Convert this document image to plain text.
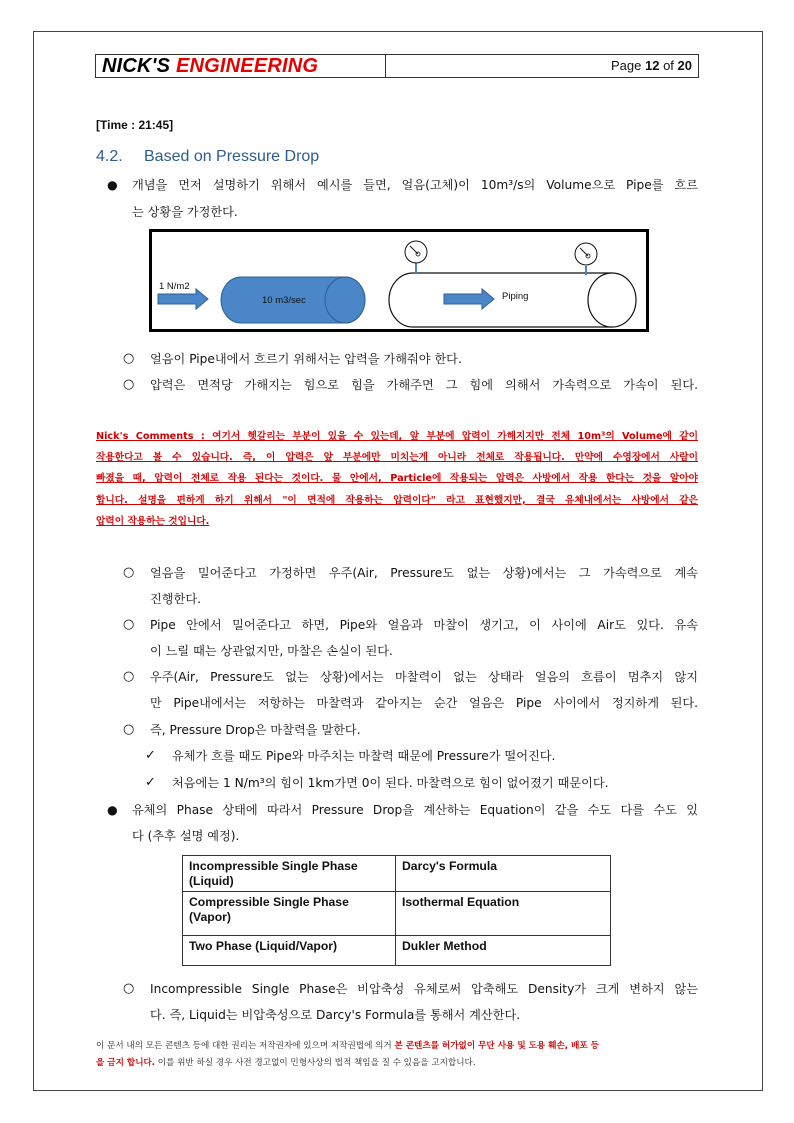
NICK'S ENGINEERING	Page 12 of 20
[Time : 21:45]
4.2. Based on Pressure Drop
● 개념을 먼저 설명하기 위해서 예시를 들면, 얼음(고체)이 10m³/s의 Volume으로 Pipe를 흐르
는 상황을 가정한다.
1 N/m2
10 m3/sec	Piping
○ 얼음이 Pipe내에서 흐르기 위해서는 압력을 가해줘야 한다.
○ 압력은 면적당 가해지는 힘으로 힘을 가해주면 그 힘에 의해서 가속력으로 가속이 된다.
Nick's Comments : 여기서 헷갈리는 부분이 있을 수 있는데, 앞 부분에 압력이 가해지지만 전체 10m³의 Volume에 같이
작용한다고 볼 수 있습니다. 즉, 이 압력은 앞 부분에만 미치는게 아니라 전체로 작용됩니다. 만약에 수영장에서 사람이
빠졌을 때, 압력이 전체로 작용 된다는 것이다. 물 안에서, Particle에 작용되는 압력은 사방에서 작용 한다는 것을 알아야
합니다. 설명을 편하게 하기 위해서 "이 면적에 작용하는 압력이다" 라고 표현했지만, 결국 유체내에서는 사방에서 같은
압력이 작용하는 것입니다.
○ 얼음을 밀어준다고 가정하면 우주(Air, Pressure도 없는 상황)에서는 그 가속력으로 계속
진행한다.
○ Pipe 안에서 밀어준다고 하면, Pipe와 얼음과 마찰이 생기고, 이 사이에 Air도 있다. 유속
이 느릴 때는 상관없지만, 마찰은 손실이 된다.
○ 우주(Air, Pressure도 없는 상황)에서는 마찰력이 없는 상태라 얼음의 흐름이 멈추지 않지
만 Pipe내에서는 저항하는 마찰력과 같아지는 순간 얼음은 Pipe 사이에서 정지하게 된다.
○ 즉, Pressure Drop은 마찰력을 말한다.
✓ 유체가 흐를 때도 Pipe와 마주치는 마찰력 때문에 Pressure가 떨어진다.
✓ 처음에는 1 N/m³의 힘이 1km가면 0이 된다. 마찰력으로 힘이 없어졌기 때문이다.
● 유체의 Phase 상태에 따라서 Pressure Drop을 계산하는 Equation이 같을 수도 다를 수도 있
다 (추후 설명 예정).
Incompressible Single Phase (Liquid)	Darcy's Formula
Compressible Single Phase (Vapor)	Isothermal Equation
Two Phase (Liquid/Vapor)	Dukler Method
○ Incompressible Single Phase은 비압축성 유체로써 압축해도 Density가 크게 변하지 않는
다. 즉, Liquid는 비압축성으로 Darcy's Formula를 통해서 계산한다.
이 문서 내의 모든 콘텐츠 등에 대한 권리는 저작권자에 있으며 저작권법에 의거 본 콘텐츠를 허가없이 무단 사용 및 도용 훼손, 배포 등
을 금지 합니다. 이를 위반 하실 경우 사전 경고없이 민형사상의 법적 책임을 질 수 있음을 고지합니다.
